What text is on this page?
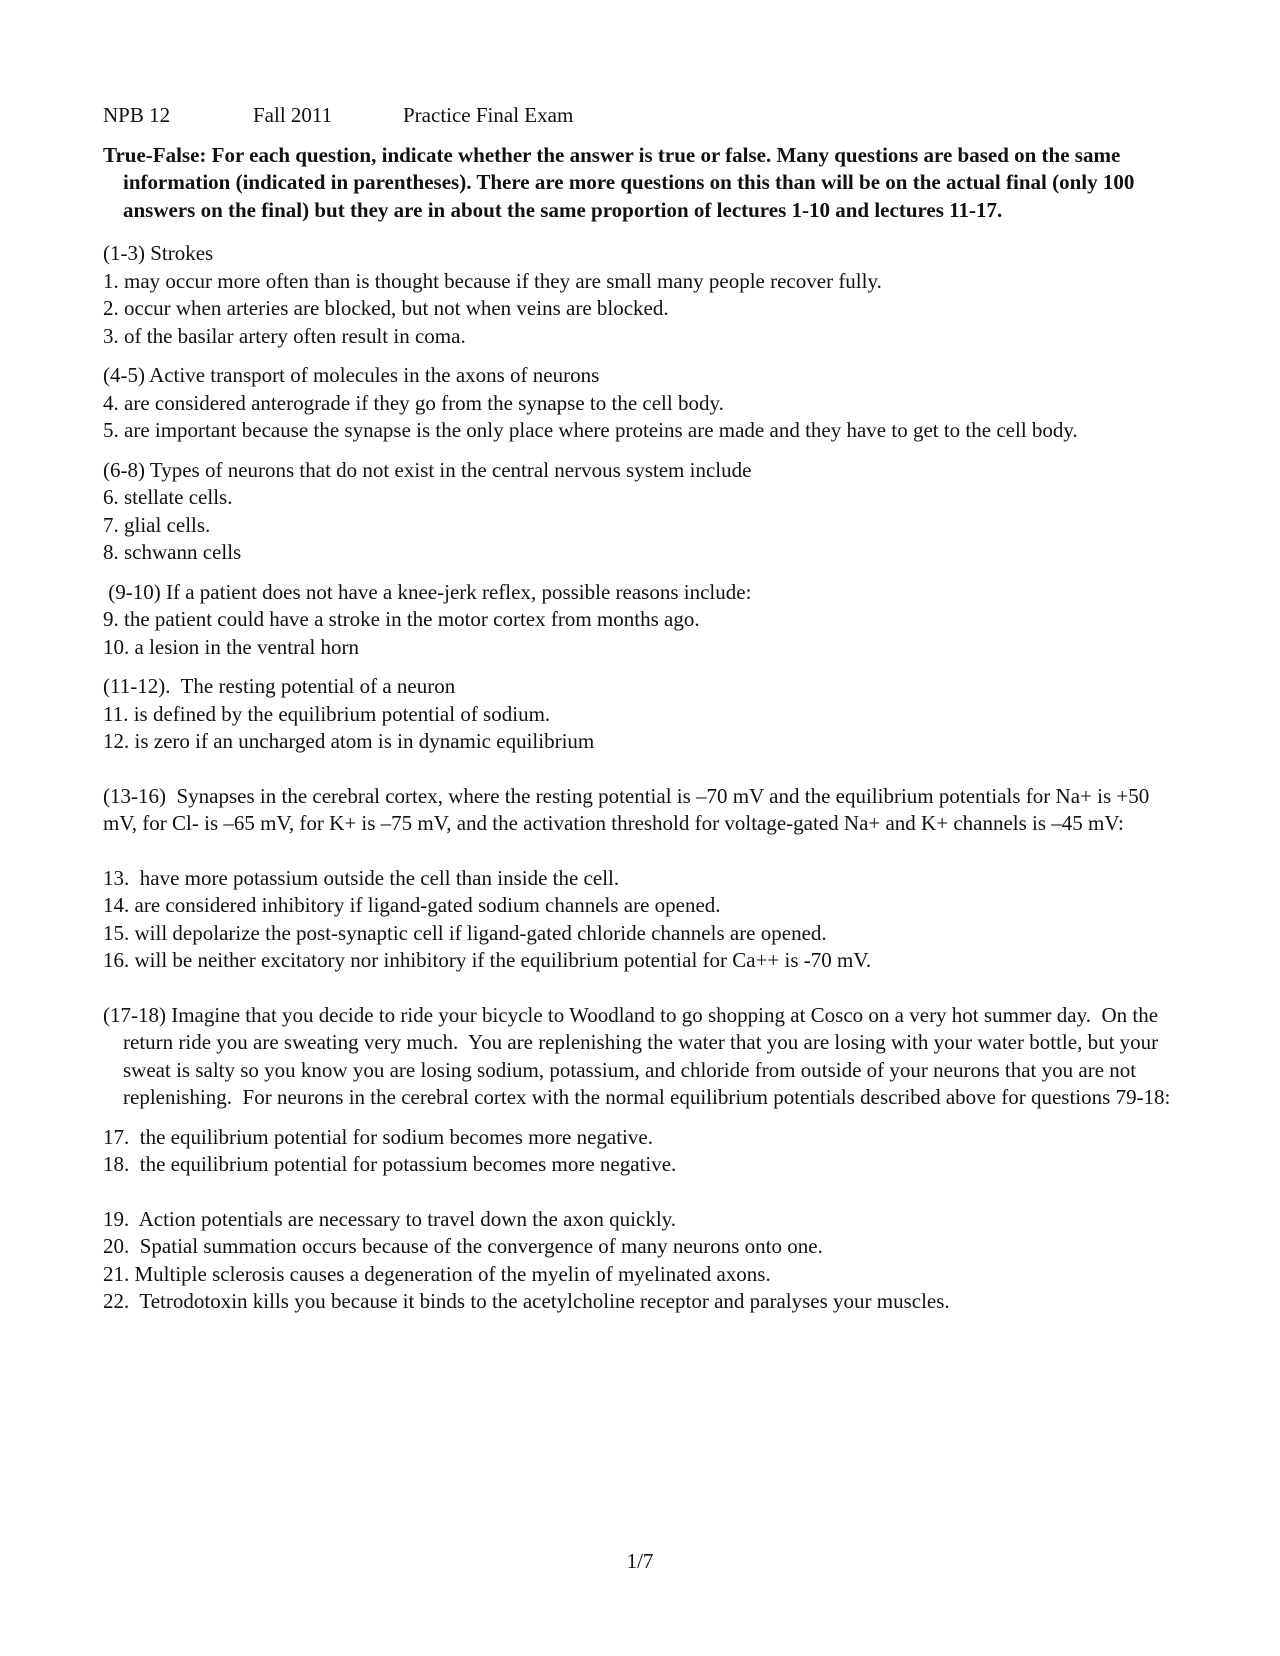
NPB 12	Fall 2011	Practice Final Exam
True-False: For each question, indicate whether the answer is true or false. Many questions are based on the same information (indicated in parentheses). There are more questions on this than will be on the actual final (only 100 answers on the final) but they are in about the same proportion of lectures 1-10 and lectures 11-17.
(1-3) Strokes
1. may occur more often than is thought because if they are small many people recover fully.
2. occur when arteries are blocked, but not when veins are blocked.
3. of the basilar artery often result in coma.
(4-5) Active transport of molecules in the axons of neurons
4. are considered anterograde if they go from the synapse to the cell body.
5. are important because the synapse is the only place where proteins are made and they have to get to the cell body.
(6-8) Types of neurons that do not exist in the central nervous system include
6. stellate cells.
7. glial cells.
8. schwann cells
(9-10) If a patient does not have a knee-jerk reflex, possible reasons include:
9. the patient could have a stroke in the motor cortex from months ago.
10. a lesion in the ventral horn
(11-12).  The resting potential of a neuron
11. is defined by the equilibrium potential of sodium.
12. is zero if an uncharged atom is in dynamic equilibrium
(13-16)  Synapses in the cerebral cortex, where the resting potential is –70 mV and the equilibrium potentials for Na+ is +50 mV, for Cl- is –65 mV, for K+ is –75 mV, and the activation threshold for voltage-gated Na+ and K+ channels is –45 mV:
13.  have more potassium outside the cell than inside the cell.
14. are considered inhibitory if ligand-gated sodium channels are opened.
15. will depolarize the post-synaptic cell if ligand-gated chloride channels are opened.
16. will be neither excitatory nor inhibitory if the equilibrium potential for Ca++ is -70 mV.
(17-18) Imagine that you decide to ride your bicycle to Woodland to go shopping at Cosco on a very hot summer day.  On the return ride you are sweating very much.  You are replenishing the water that you are losing with your water bottle, but your sweat is salty so you know you are losing sodium, potassium, and chloride from outside of your neurons that you are not replenishing.  For neurons in the cerebral cortex with the normal equilibrium potentials described above for questions 79-18:
17.  the equilibrium potential for sodium becomes more negative.
18.  the equilibrium potential for potassium becomes more negative.
19.  Action potentials are necessary to travel down the axon quickly.
20.  Spatial summation occurs because of the convergence of many neurons onto one.
21. Multiple sclerosis causes a degeneration of the myelin of myelinated axons.
22.  Tetrodotoxin kills you because it binds to the acetylcholine receptor and paralyses your muscles.
1/7
